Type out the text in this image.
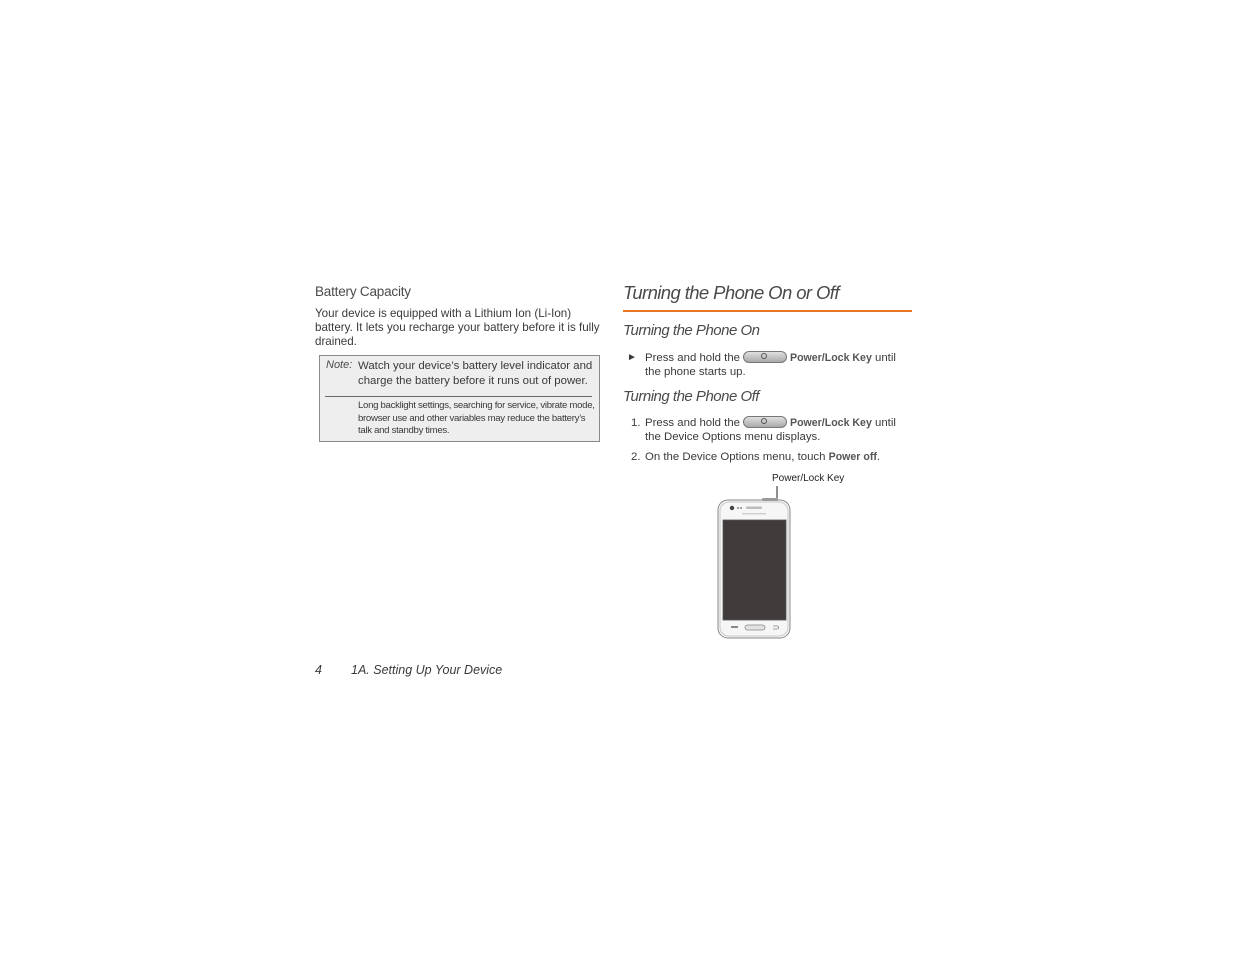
Battery Capacity

Your device is equipped with a Lithium Ion (Li-Ion) battery. It lets you recharge your battery before it is fully drained.

Note: Watch your device’s battery level indicator and charge the battery before it runs out of power.
Long backlight settings, searching for service, vibrate mode, browser use and other variables may reduce the battery’s talk and standby times.
Turning the Phone On or Off
Turning the Phone On
► Press and hold the	Power/Lock Key until the phone starts up.
Turning the Phone Off
1. Press and hold the	Power/Lock Key until the Device Options menu displays.
2. On the Device Options menu, touch Power off.
Power/Lock Key
4 1A. Setting Up Your Device
